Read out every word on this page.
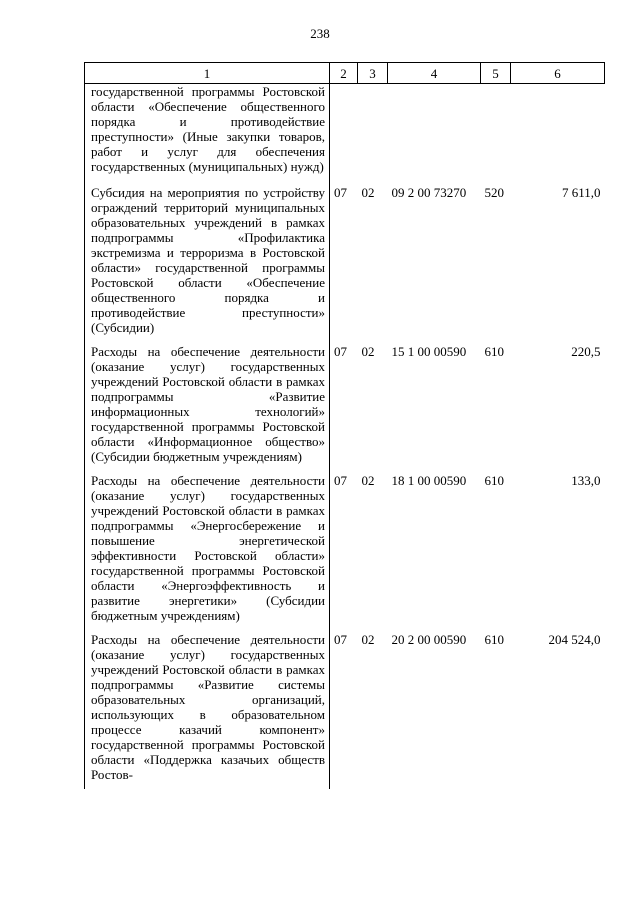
238
1	2	3	4	5	6
государственной программы Ростовской области «Обеспечение общественного порядка и противодействие преступности» (Иные закупки товаров, работ и услуг для обеспечения государственных (муниципальных) нужд)					
Субсидия на мероприятия по устройству ограждений территорий муниципальных образовательных учреждений в рамках подпрограммы «Профилактика экстремизма и терроризма в Ростовской области» государственной программы Ростовской области «Обеспечение общественного порядка и противодействие преступности» (Субсидии)	07	02	09 2 00 73270	520	7 611,0
Расходы на обеспечение деятельности (оказание услуг) государственных учреждений Ростовской области в рамках подпрограммы «Развитие информационных технологий» государственной программы Ростовской области «Информационное общество» (Субсидии бюджетным учреждениям)	07	02	15 1 00 00590	610	220,5
Расходы на обеспечение деятельности (оказание услуг) государственных учреждений Ростовской области в рамках подпрограммы «Энергосбережение и повышение энергетической эффективности Ростовской области» государственной программы Ростовской области «Энергоэффективность и развитие энергетики» (Субсидии бюджетным учреждениям)	07	02	18 1 00 00590	610	133,0
Расходы на обеспечение деятельности (оказание услуг) государственных учреждений Ростовской области в рамках подпрограммы «Развитие системы образовательных организаций, использующих в образовательном процессе казачий компонент» государственной программы Ростовской области «Поддержка казачьих обществ Ростов-	07	02	20 2 00 00590	610	204 524,0
